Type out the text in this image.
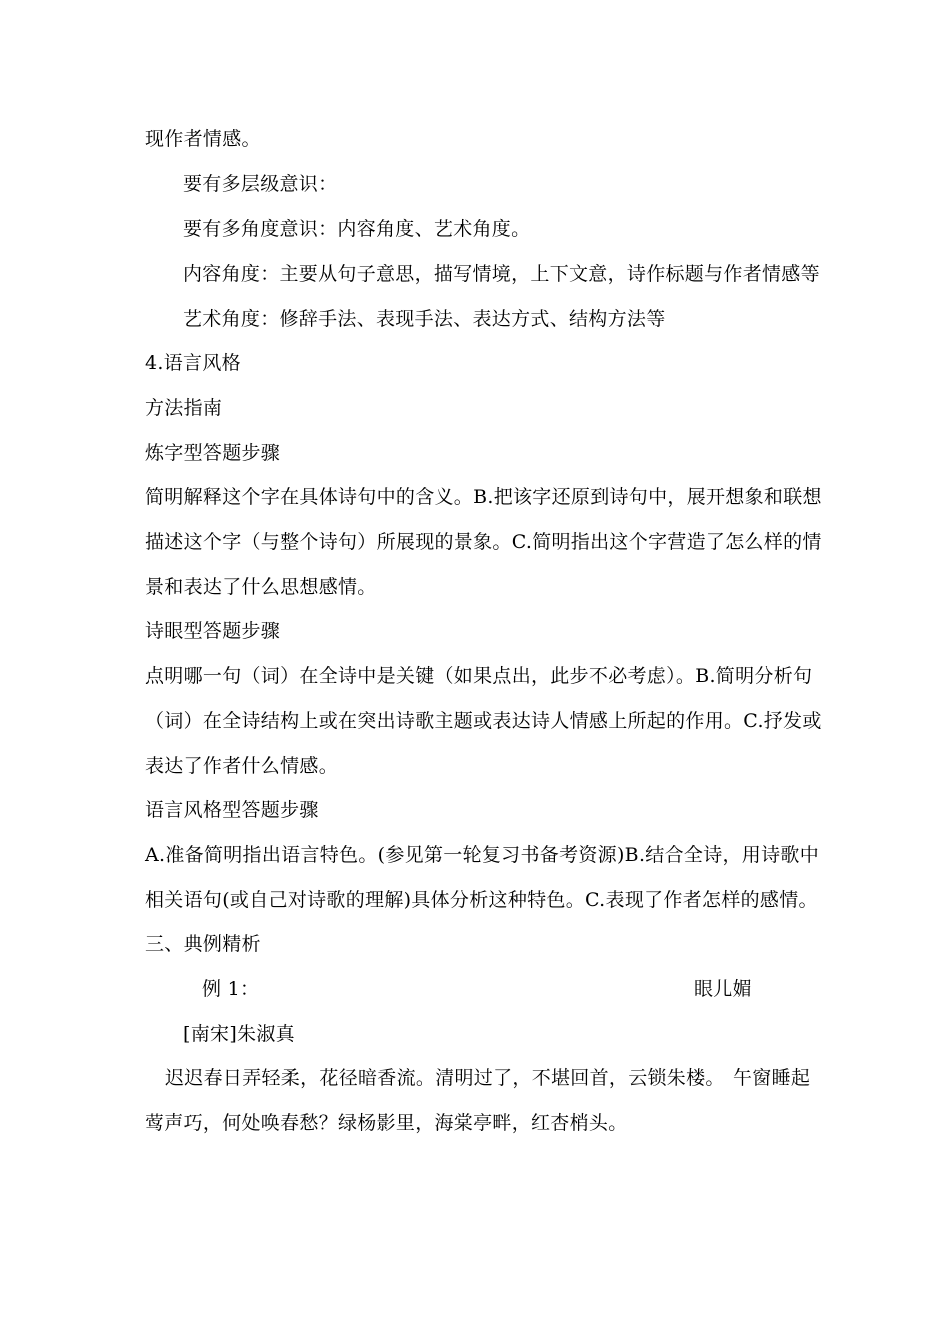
现作者情感。
要有多层级意识：
要有多角度意识：内容角度、艺术角度。
内容角度：主要从句子意思，描写情境，上下文意，诗作标题与作者情感等
艺术角度：修辞手法、表现手法、表达方式、结构方法等
4.语言风格
方法指南
炼字型答题步骤
简明解释这个字在具体诗句中的含义。B.把该字还原到诗句中，展开想象和联想
描述这个字（与整个诗句）所展现的景象。C.简明指出这个字营造了怎么样的情
景和表达了什么思想感情。
诗眼型答题步骤
点明哪一句（词）在全诗中是关键（如果点出，此步不必考虑）。B.简明分析句
（词）在全诗结构上或在突出诗歌主题或表达诗人情感上所起的作用。C.抒发或
表达了作者什么情感。
语言风格型答题步骤
A.准备简明指出语言特色。(参见第一轮复习书备考资源)B.结合全诗，用诗歌中
相关语句(或自己对诗歌的理解)具体分析这种特色。C.表现了作者怎样的感情。
三、典例精析
例 1：	眼儿媚
[南宋]朱淑真
迟迟春日弄轻柔，花径暗香流。清明过了，不堪回首，云锁朱楼。 午窗睡起
莺声巧，何处唤春愁？绿杨影里，海棠亭畔，红杏梢头。
